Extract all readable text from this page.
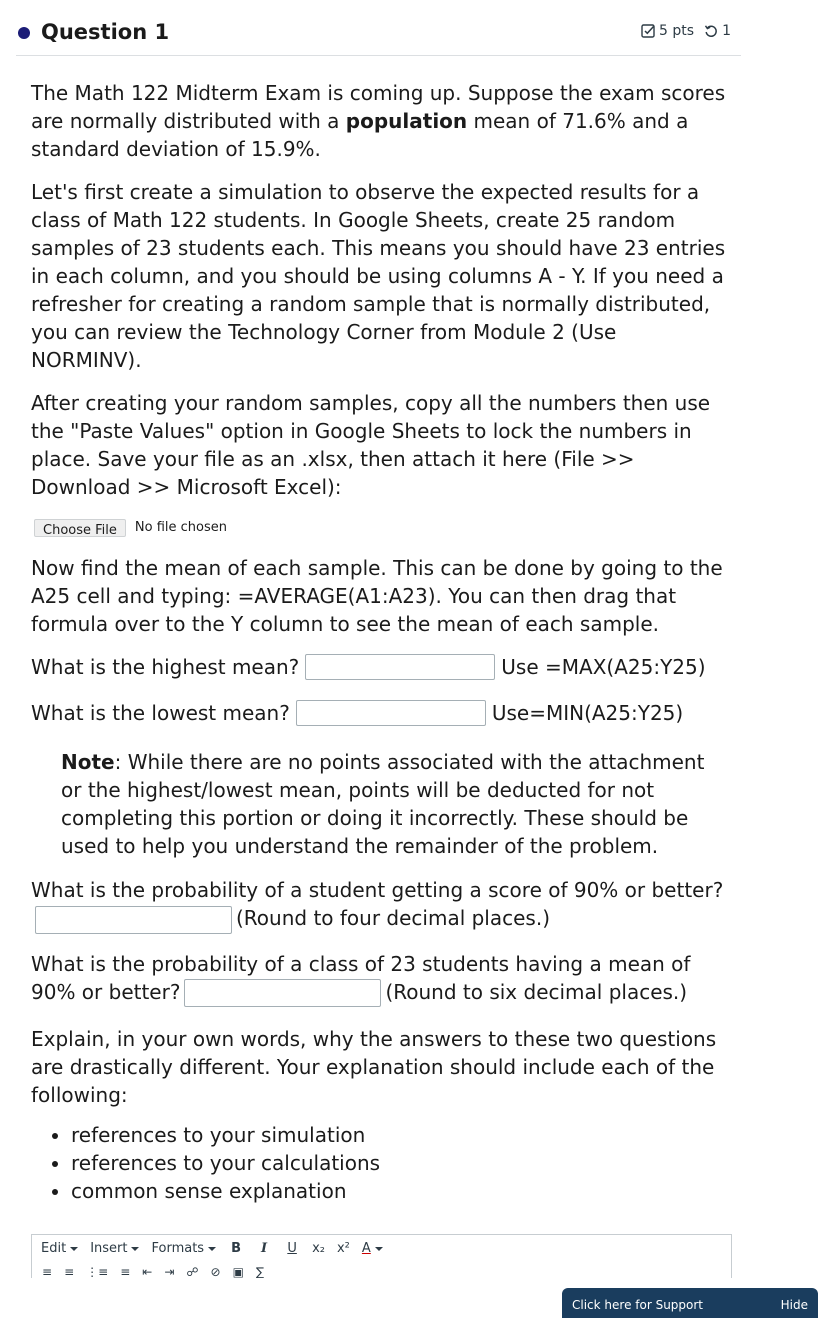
Question 1	5 pts 1

The Math 122 Midterm Exam is coming up. Suppose the exam scores are normally distributed with a population mean of 71.6% and a standard deviation of 15.9%.

Let's first create a simulation to observe the expected results for a class of Math 122 students. In Google Sheets, create 25 random samples of 23 students each. This means you should have 23 entries in each column, and you should be using columns A - Y. If you need a refresher for creating a random sample that is normally distributed, you can review the Technology Corner from Module 2 (Use NORMINV).

After creating your random samples, copy all the numbers then use the "Paste Values" option in Google Sheets to lock the numbers in place. Save your file as an .xlsx, then attach it here (File >> Download >> Microsoft Excel):

Choose File	No file chosen

Now find the mean of each sample. This can be done by going to the A25 cell and typing: =AVERAGE(A1:A23). You can then drag that formula over to the Y column to see the mean of each sample.

What is the highest mean?	Use =MAX(A25:Y25)
What is the lowest mean?	Use=MIN(A25:Y25)

Note: While there are no points associated with the attachment or the highest/lowest mean, points will be deducted for not completing this portion or doing it incorrectly. These should be used to help you understand the remainder of the problem.

What is the probability of a student getting a score of 90% or better?(Round to four decimal places.)

What is the probability of a class of 23 students having a mean of 90% or better?	(Round to six decimal places.)

Explain, in your own words, why the answers to these two questions are drastically different. Your explanation should include each of the following:

• references to your simulation
• references to your calculations
• common sense explanation
Edit Insert Formats B	I	U x₂ x² A
≡ ≡ ⋮≡ ≡ ⇤ ⇥ ☍ ⊘ ▣ ∑
Click here for Support	Hide
